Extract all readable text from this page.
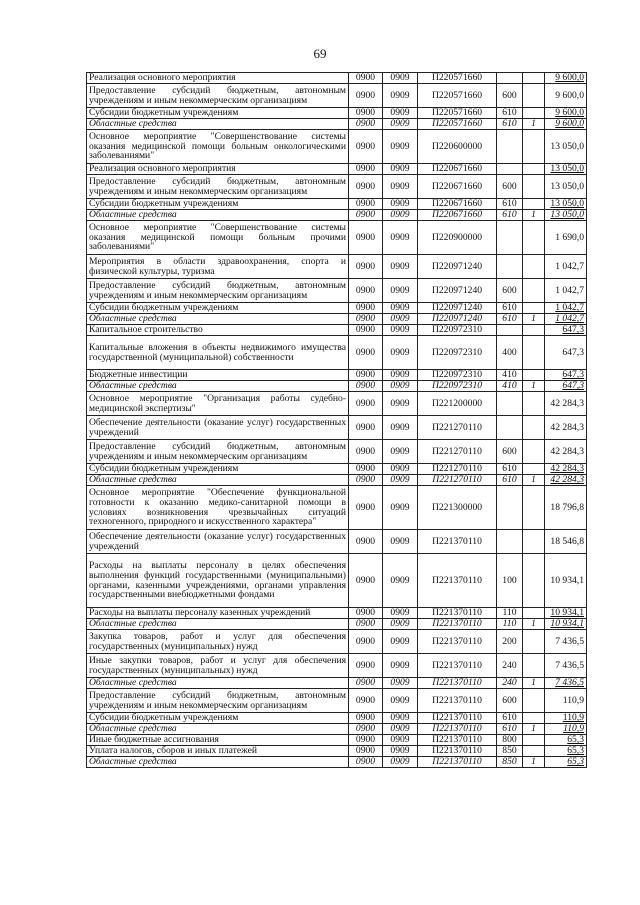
69
Реализация основного мероприятия	0900	0909	П220571660			9 600,0
Предоставление субсидий бюджетным, автономным учреждениям и иным некоммерческим организациям	0900	0909	П220571660	600		9 600,0
Субсидии бюджетным учреждениям	0900	0909	П220571660	610		9 600,0
Областные средства	0900	0909	П220571660	610	1	9 600,0
Основное мероприятие "Совершенствование системы оказания медицинской помощи больным онкологическими заболеваниями"	0900	0909	П220600000			13 050,0
Реализация основного мероприятия	0900	0909	П220671660			13 050,0
Предоставление субсидий бюджетным, автономным учреждениям и иным некоммерческим организациям	0900	0909	П220671660	600		13 050,0
Субсидии бюджетным учреждениям	0900	0909	П220671660	610		13 050,0
Областные средства	0900	0909	П220671660	610	1	13 050,0
Основное мероприятие "Совершенствование системы оказания медицинской помощи больным прочими заболеваниями"	0900	0909	П220900000			1 690,0
Мероприятия в области здравоохранения, спорта и физической культуры, туризма	0900	0909	П220971240			1 042,7
Предоставление субсидий бюджетным, автономным учреждениям и иным некоммерческим организациям	0900	0909	П220971240	600		1 042,7
Субсидии бюджетным учреждениям	0900	0909	П220971240	610		1 042,7
Областные средства	0900	0909	П220971240	610	1	1 042,7
Капитальное строительство	0900	0909	П220972310			647,3
Капитальные вложения в объекты недвижимого имущества государственной (муниципальной) собственности	0900	0909	П220972310	400		647,3
Бюджетные инвестиции	0900	0909	П220972310	410		647,3
Областные средства	0900	0909	П220972310	410	1	647,3
Основное мероприятие "Организация работы судебно-медицинской экспертизы"	0900	0909	П221200000			42 284,3
Обеспечение деятельности (оказание услуг) государственных учреждений	0900	0909	П221270110			42 284,3
Предоставление субсидий бюджетным, автономным учреждениям и иным некоммерческим организациям	0900	0909	П221270110	600		42 284,3
Субсидии бюджетным учреждениям	0900	0909	П221270110	610		42 284,3
Областные средства	0900	0909	П221270110	610	1	42 284,3
Основное мероприятие "Обеспечение функциональной готовности к оказанию медико-санитарной помощи в условиях возникновения чрезвычайных ситуаций техногенного, природного и искусственного характера"	0900	0909	П221300000			18 796,8
Обеспечение деятельности (оказание услуг) государственных учреждений	0900	0909	П221370110			18 546,8
Расходы на выплаты персоналу в целях обеспечения выполнения функций государственными (муниципальными) органами, казенными учреждениями, органами управления государственными внебюджетными фондами	0900	0909	П221370110	100		10 934,1
Расходы на выплаты персоналу казенных учреждений	0900	0909	П221370110	110		10 934,1
Областные средства	0900	0909	П221370110	110	1	10 934,1
Закупка товаров, работ и услуг для обеспечения государственных (муниципальных) нужд	0900	0909	П221370110	200		7 436,5
Иные закупки товаров, работ и услуг для обеспечения государственных (муниципальных) нужд	0900	0909	П221370110	240		7 436,5
Областные средства	0900	0909	П221370110	240	1	7 436,5
Предоставление субсидий бюджетным, автономным учреждениям и иным некоммерческим организациям	0900	0909	П221370110	600		110,9
Субсидии бюджетным учреждениям	0900	0909	П221370110	610		110,9
Областные средства	0900	0909	П221370110	610	1	110,9
Иные бюджетные ассигнования	0900	0909	П221370110	800		65,3
Уплата налогов, сборов и иных платежей	0900	0909	П221370110	850		65,3
Областные средства	0900	0909	П221370110	850	1	65,3
